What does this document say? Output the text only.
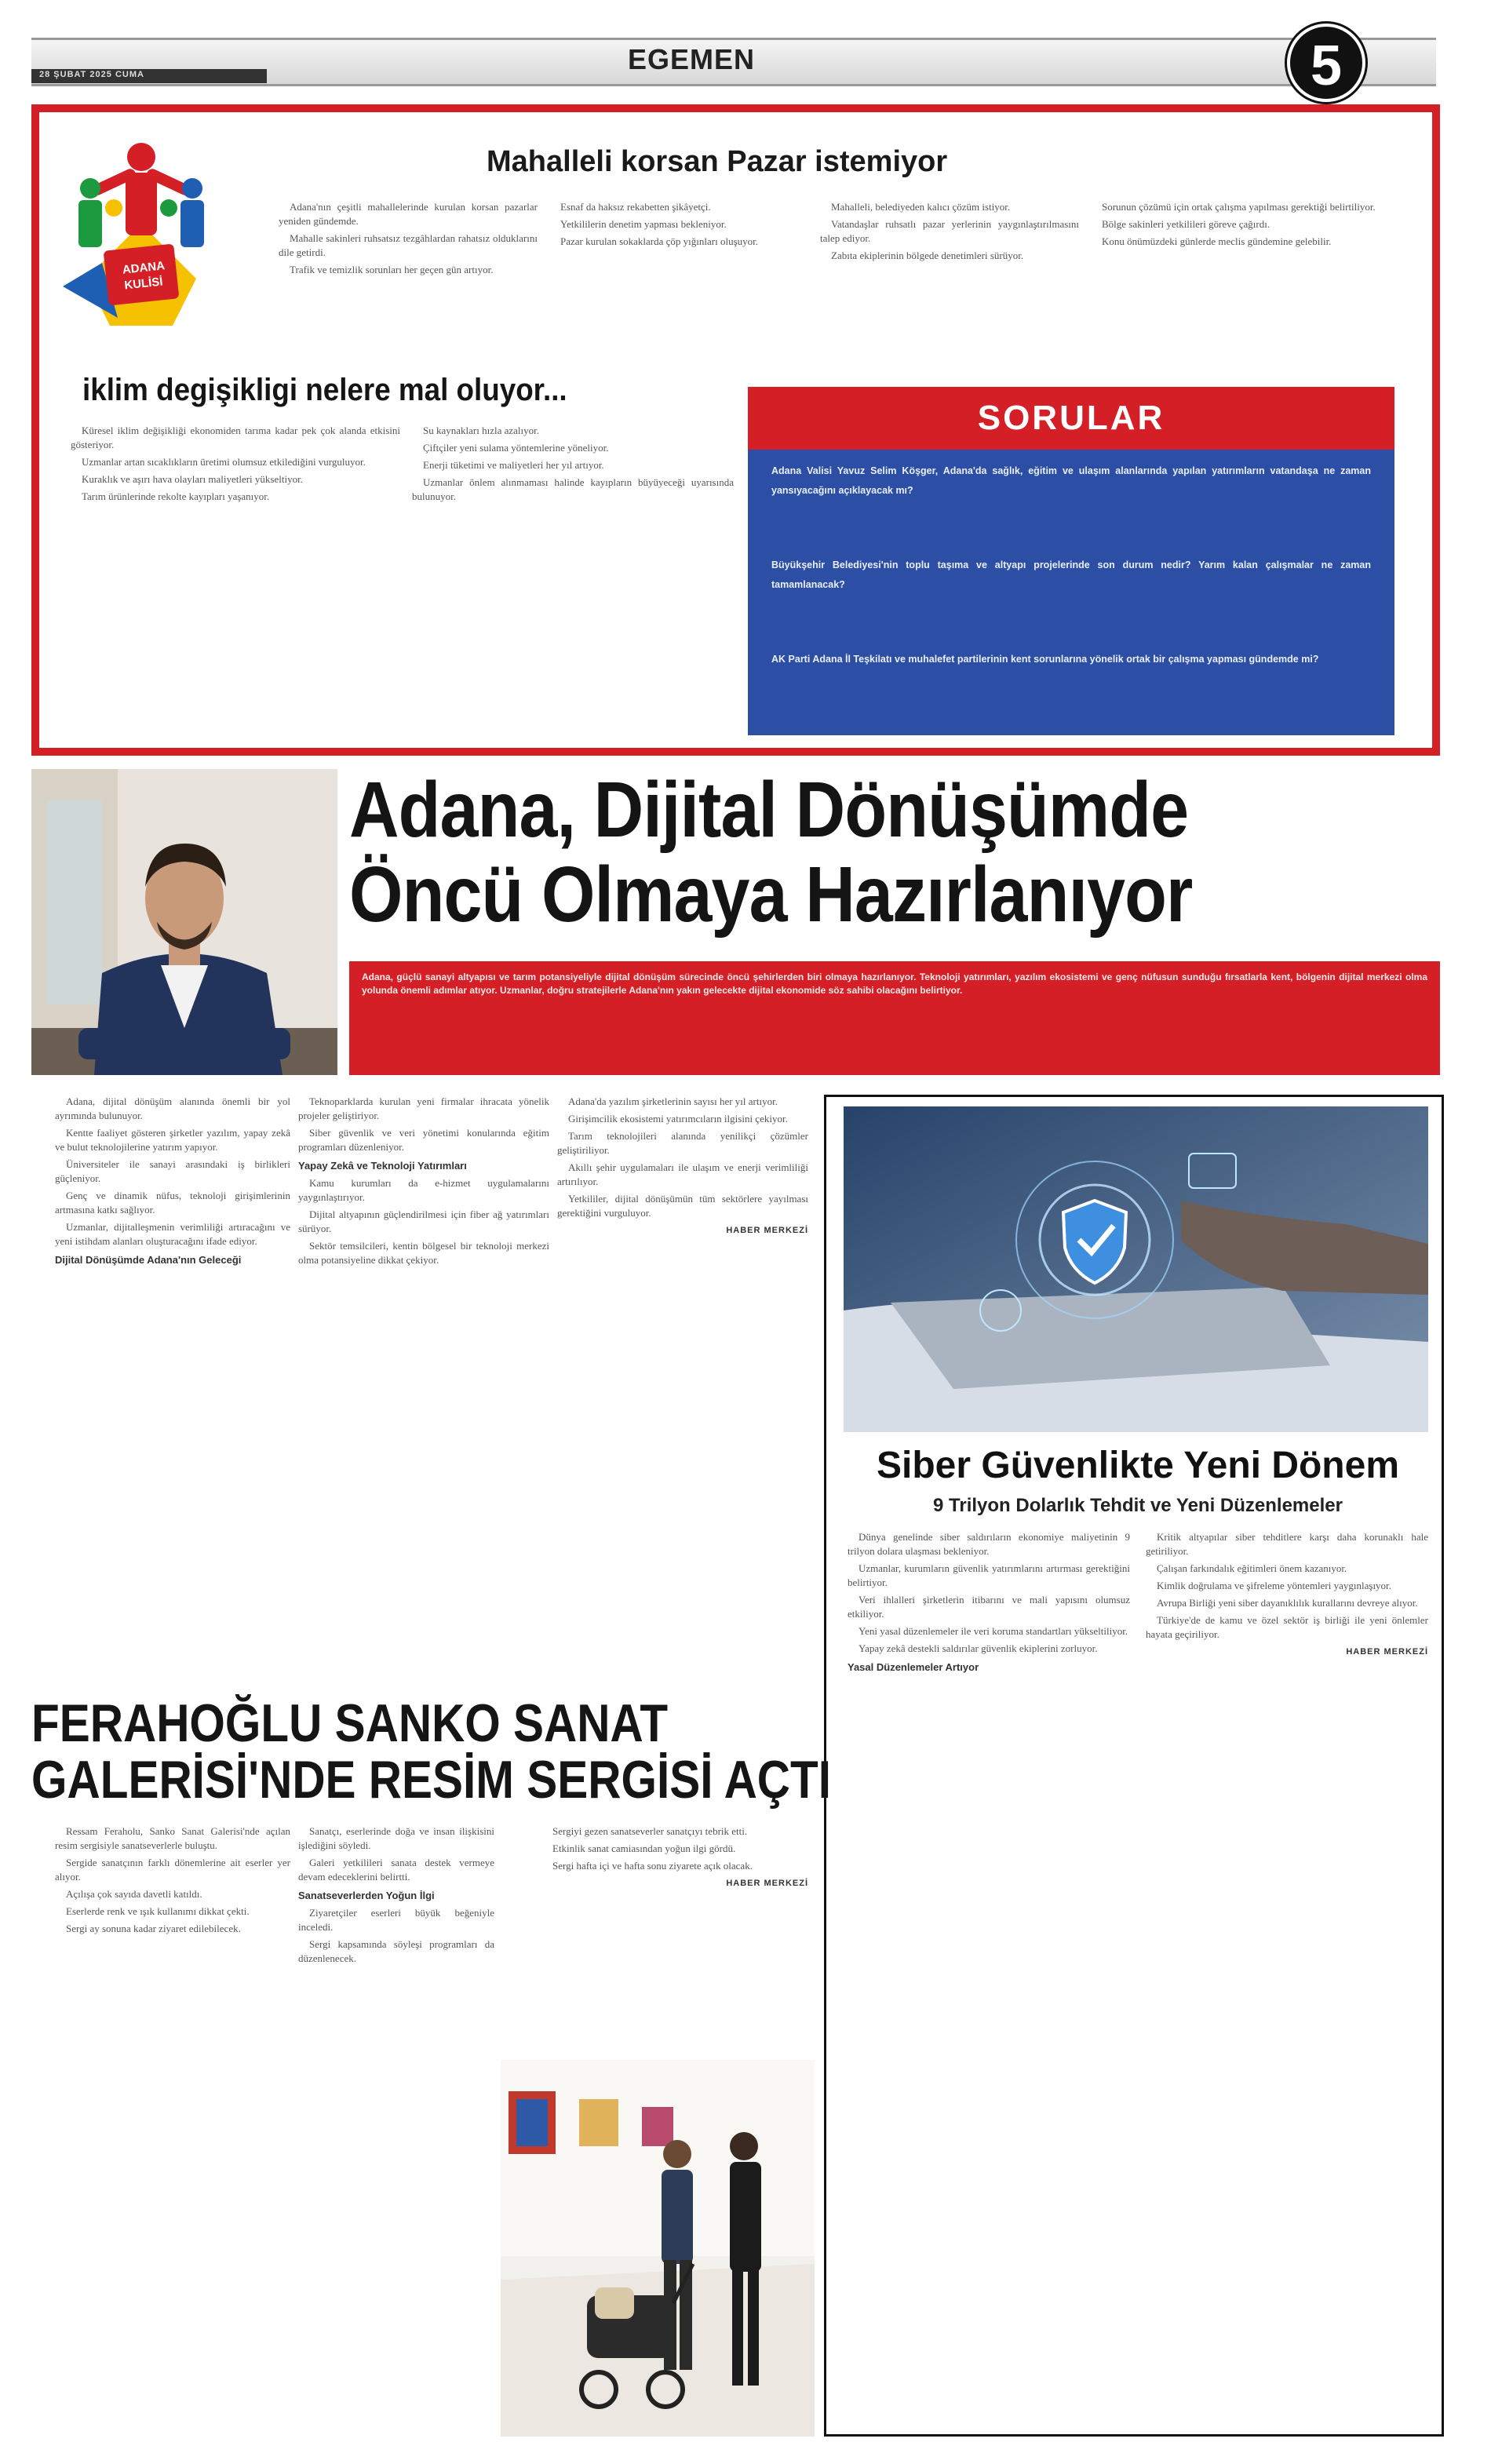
28 ŞUBAT 2025 CUMA	EGEMEN	5
ADANA
KULİSİ
Mahalleli korsan Pazar istemiyor

Adana'nın çeşitli mahallelerinde kurulan korsan pazarlar yeniden gündemde.

Mahalle sakinleri ruhsatsız tezgâhlardan rahatsız olduklarını dile getirdi.

Trafik ve temizlik sorunları her geçen gün artıyor.

Esnaf da haksız rekabetten şikâyetçi.

Yetkililerin denetim yapması bekleniyor.

Pazar kurulan sokaklarda çöp yığınları oluşuyor.

Mahalleli, belediyeden kalıcı çözüm istiyor.

Vatandaşlar ruhsatlı pazar yerlerinin yaygınlaştırılmasını talep ediyor.

Zabıta ekiplerinin bölgede denetimleri sürüyor.

Sorunun çözümü için ortak çalışma yapılması gerektiği belirtiliyor.

Bölge sakinleri yetkilileri göreve çağırdı.

Konu önümüzdeki günlerde meclis gündemine gelebilir.

iklim degişikligi nelere mal oluyor...

Küresel iklim değişikliği ekonomiden tarıma kadar pek çok alanda etkisini gösteriyor.

Uzmanlar artan sıcaklıkların üretimi olumsuz etkilediğini vurguluyor.

Kuraklık ve aşırı hava olayları maliyetleri yükseltiyor.

Tarım ürünlerinde rekolte kayıpları yaşanıyor.

Su kaynakları hızla azalıyor.

Çiftçiler yeni sulama yöntemlerine yöneliyor.

Enerji tüketimi ve maliyetleri her yıl artıyor.

Uzmanlar önlem alınmaması halinde kayıpların büyüyeceği uyarısında bulunuyor.

SORULAR
Adana Valisi Yavuz Selim Köşger, Adana'da sağlık, eğitim ve ulaşım alanlarında yapılan yatırımların vatandaşa ne zaman yansıyacağını açıklayacak mı?
Büyükşehir Belediyesi'nin toplu taşıma ve altyapı projelerinde son durum nedir? Yarım kalan çalışmalar ne zaman tamamlanacak?
AK Parti Adana İl Teşkilatı ve muhalefet partilerinin kent sorunlarına yönelik ortak bir çalışma yapması gündemde mi?
Adana, Dijital Dönüşümde
Öncü Olmaya Hazırlanıyor
Adana, güçlü sanayi altyapısı ve tarım potansiyeliyle dijital dönüşüm sürecinde öncü şehirlerden biri olmaya hazırlanıyor. Teknoloji yatırımları, yazılım ekosistemi ve genç nüfusun sunduğu fırsatlarla kent, bölgenin dijital merkezi olma yolunda önemli adımlar atıyor. Uzmanlar, doğru stratejilerle Adana'nın yakın gelecekte dijital ekonomide söz sahibi olacağını belirtiyor.

Adana, dijital dönüşüm alanında önemli bir yol ayrımında bulunuyor.

Kentte faaliyet gösteren şirketler yazılım, yapay zekâ ve bulut teknolojilerine yatırım yapıyor.

Üniversiteler ile sanayi arasındaki iş birlikleri güçleniyor.

Genç ve dinamik nüfus, teknoloji girişimlerinin artmasına katkı sağlıyor.

Uzmanlar, dijitalleşmenin verimliliği artıracağını ve yeni istihdam alanları oluşturacağını ifade ediyor.

Dijital Dönüşümde Adana'nın Geleceği

Teknoparklarda kurulan yeni firmalar ihracata yönelik projeler geliştiriyor.

Siber güvenlik ve veri yönetimi konularında eğitim programları düzenleniyor.

Yapay Zekâ ve Teknoloji Yatırımları

Kamu kurumları da e-hizmet uygulamalarını yaygınlaştırıyor.

Dijital altyapının güçlendirilmesi için fiber ağ yatırımları sürüyor.

Sektör temsilcileri, kentin bölgesel bir teknoloji merkezi olma potansiyeline dikkat çekiyor.

Adana'da yazılım şirketlerinin sayısı her yıl artıyor.

Girişimcilik ekosistemi yatırımcıların ilgisini çekiyor.

Tarım teknolojileri alanında yenilikçi çözümler geliştiriliyor.

Akıllı şehir uygulamaları ile ulaşım ve enerji verimliliği artırılıyor.

Yetkililer, dijital dönüşümün tüm sektörlere yayılması gerektiğini vurguluyor.

HABER MERKEZİ
Siber Güvenlikte Yeni Dönem
9 Trilyon Dolarlık Tehdit ve Yeni Düzenlemeler

Dünya genelinde siber saldırıların ekonomiye maliyetinin 9 trilyon dolara ulaşması bekleniyor.

Uzmanlar, kurumların güvenlik yatırımlarını artırması gerektiğini belirtiyor.

Veri ihlalleri şirketlerin itibarını ve mali yapısını olumsuz etkiliyor.

Yeni yasal düzenlemeler ile veri koruma standartları yükseltiliyor.

Yapay zekâ destekli saldırılar güvenlik ekiplerini zorluyor.

Yasal Düzenlemeler Artıyor

Kritik altyapılar siber tehditlere karşı daha korunaklı hale getiriliyor.

Çalışan farkındalık eğitimleri önem kazanıyor.

Kimlik doğrulama ve şifreleme yöntemleri yaygınlaşıyor.

Avrupa Birliği yeni siber dayanıklılık kurallarını devreye alıyor.

Türkiye'de de kamu ve özel sektör iş birliği ile yeni önlemler hayata geçiriliyor.

HABER MERKEZİ
FERAHOĞLU SANKO SANAT
GALERİSİ'NDE RESİM SERGİSİ AÇTI

Ressam Feraholu, Sanko Sanat Galerisi'nde açılan resim sergisiyle sanatseverlerle buluştu.

Sergide sanatçının farklı dönemlerine ait eserler yer alıyor.

Açılışa çok sayıda davetli katıldı.

Eserlerde renk ve ışık kullanımı dikkat çekti.

Sergi ay sonuna kadar ziyaret edilebilecek.

Sanatçı, eserlerinde doğa ve insan ilişkisini işlediğini söyledi.

Galeri yetkilileri sanata destek vermeye devam edeceklerini belirtti.

Sanatseverlerden Yoğun İlgi

Ziyaretçiler eserleri büyük beğeniyle inceledi.

Sergi kapsamında söyleşi programları da düzenlenecek.

Sergiyi gezen sanatseverler sanatçıyı tebrik etti.

Etkinlik sanat camiasından yoğun ilgi gördü.

Sergi hafta içi ve hafta sonu ziyarete açık olacak.

HABER MERKEZİ
